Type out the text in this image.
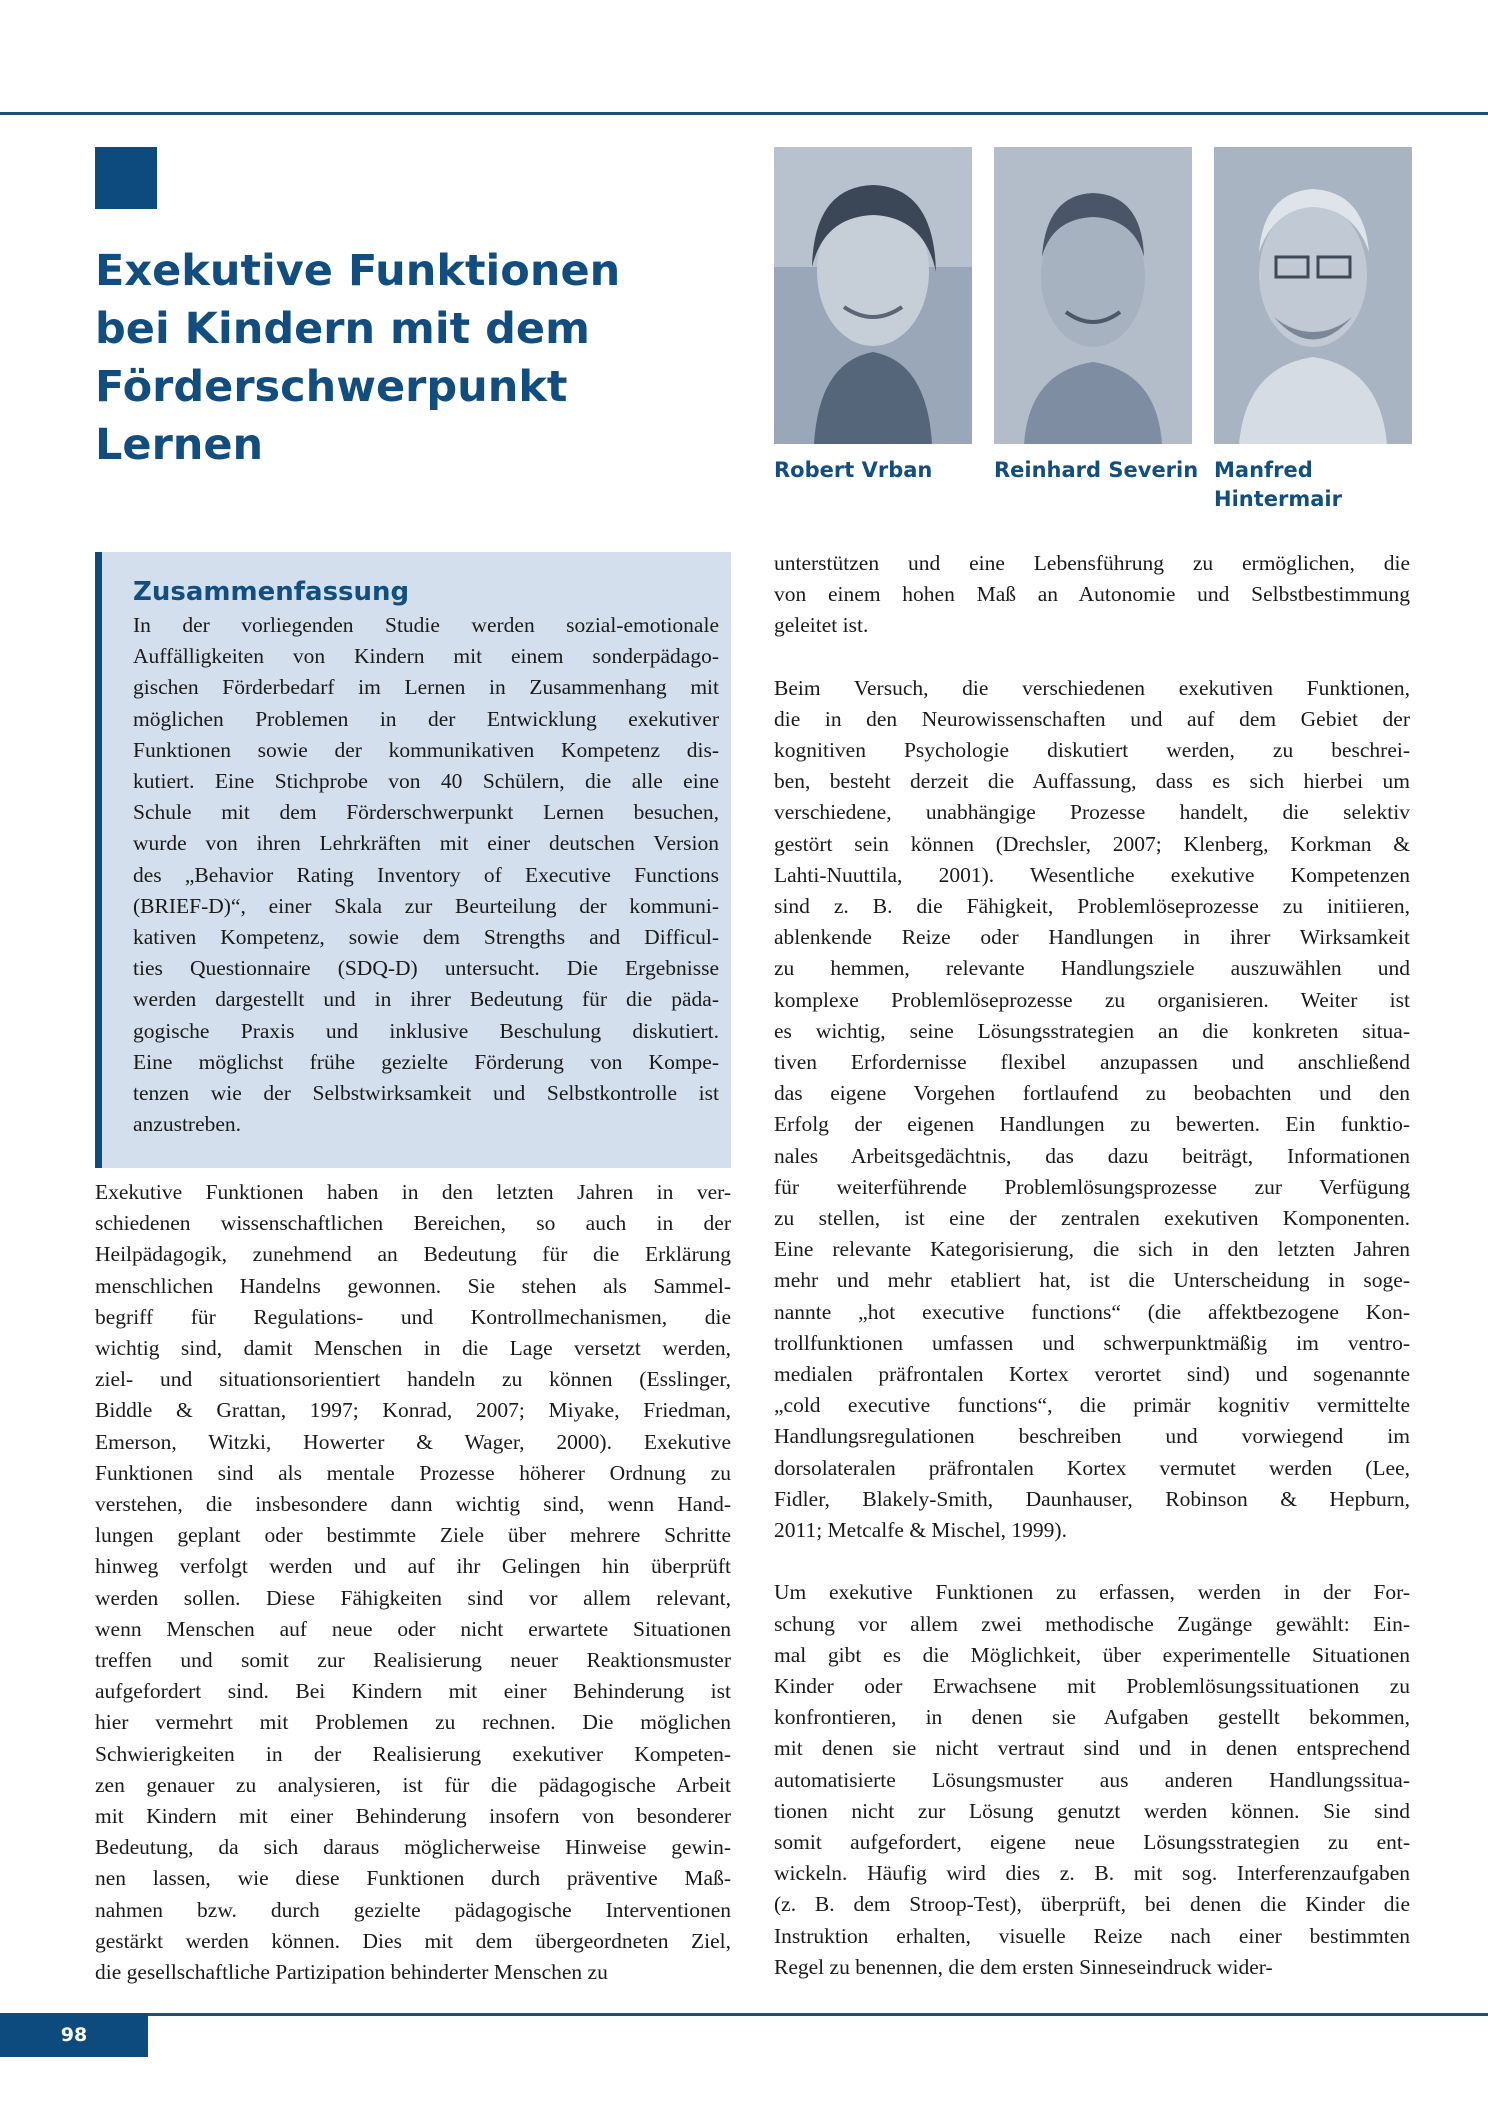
Exekutive Funktionen
bei Kindern mit dem
Förderschwerpunkt
Lernen	Robert Vrban	Reinhard Severin Manfred
Hintermair
Zusammenfassung
In der vorliegenden Studie werden sozial-emotionale
Auffälligkeiten von Kindern mit einem sonderpädago-
gischen Förderbedarf im Lernen in Zusammenhang mit
möglichen Problemen in der Entwicklung exekutiver
Funktionen sowie der kommunikativen Kompetenz dis-
kutiert. Eine Stichprobe von 40 Schülern, die alle eine
Schule mit dem Förderschwerpunkt Lernen besuchen,
wurde von ihren Lehrkräften mit einer deutschen Version
des „Behavior Rating Inventory of Executive Functions
(BRIEF-D)“, einer Skala zur Beurteilung der kommuni-
kativen Kompetenz, sowie dem Strengths and Difficul-
ties Questionnaire (SDQ-D) untersucht. Die Ergebnisse
werden dargestellt und in ihrer Bedeutung für die päda-
gogische Praxis und inklusive Beschulung diskutiert.
Eine möglichst frühe gezielte Förderung von Kompe-
tenzen wie der Selbstwirksamkeit und Selbstkontrolle ist
anzustreben.
Exekutive Funktionen haben in den letzten Jahren in ver-
schiedenen wissenschaftlichen Bereichen, so auch in der
Heilpädagogik, zunehmend an Bedeutung für die Erklärung
menschlichen Handelns gewonnen. Sie stehen als Sammel-
begriff für Regulations- und Kontrollmechanismen, die
wichtig sind, damit Menschen in die Lage versetzt werden,
ziel- und situationsorientiert handeln zu können (Esslinger,
Biddle & Grattan, 1997; Konrad, 2007; Miyake, Friedman,
Emerson, Witzki, Howerter & Wager, 2000). Exekutive
Funktionen sind als mentale Prozesse höherer Ordnung zu
verstehen, die insbesondere dann wichtig sind, wenn Hand-
lungen geplant oder bestimmte Ziele über mehrere Schritte
hinweg verfolgt werden und auf ihr Gelingen hin überprüft
werden sollen. Diese Fähigkeiten sind vor allem relevant,
wenn Menschen auf neue oder nicht erwartete Situationen
treffen und somit zur Realisierung neuer Reaktionsmuster
aufgefordert sind. Bei Kindern mit einer Behinderung ist
hier vermehrt mit Problemen zu rechnen. Die möglichen
Schwierigkeiten in der Realisierung exekutiver Kompeten-
zen genauer zu analysieren, ist für die pädagogische Arbeit
mit Kindern mit einer Behinderung insofern von besonderer
Bedeutung, da sich daraus möglicherweise Hinweise gewin-
nen lassen, wie diese Funktionen durch präventive Maß-
nahmen bzw. durch gezielte pädagogische Interventionen
gestärkt werden können. Dies mit dem übergeordneten Ziel,
die gesellschaftliche Partizipation behinderter Menschen zu
unterstützen und eine Lebensführung zu ermöglichen, die
von einem hohen Maß an Autonomie und Selbstbestimmung
geleitet ist.
Beim Versuch, die verschiedenen exekutiven Funktionen,
die in den Neurowissenschaften und auf dem Gebiet der
kognitiven Psychologie diskutiert werden, zu beschrei-
ben, besteht derzeit die Auffassung, dass es sich hierbei um
verschiedene, unabhängige Prozesse handelt, die selektiv
gestört sein können (Drechsler, 2007; Klenberg, Korkman &
Lahti-Nuuttila, 2001). Wesentliche exekutive Kompetenzen
sind z. B. die Fähigkeit, Problemlöseprozesse zu initiieren,
ablenkende Reize oder Handlungen in ihrer Wirksamkeit
zu hemmen, relevante Handlungsziele auszuwählen und
komplexe Problemlöseprozesse zu organisieren. Weiter ist
es wichtig, seine Lösungsstrategien an die konkreten situa-
tiven Erfordernisse flexibel anzupassen und anschließend
das eigene Vorgehen fortlaufend zu beobachten und den
Erfolg der eigenen Handlungen zu bewerten. Ein funktio-
nales Arbeitsgedächtnis, das dazu beiträgt, Informationen
für weiterführende Problemlösungsprozesse zur Verfügung
zu stellen, ist eine der zentralen exekutiven Komponenten.
Eine relevante Kategorisierung, die sich in den letzten Jahren
mehr und mehr etabliert hat, ist die Unterscheidung in soge-
nannte „hot executive functions“ (die affektbezogene Kon-
trollfunktionen umfassen und schwerpunktmäßig im ventro-
medialen präfrontalen Kortex verortet sind) und sogenannte
„cold executive functions“, die primär kognitiv vermittelte
Handlungsregulationen beschreiben und vorwiegend im
dorsolateralen präfrontalen Kortex vermutet werden (Lee,
Fidler, Blakely-Smith, Daunhauser, Robinson & Hepburn,
2011; Metcalfe & Mischel, 1999).
Um exekutive Funktionen zu erfassen, werden in der For-
schung vor allem zwei methodische Zugänge gewählt: Ein-
mal gibt es die Möglichkeit, über experimentelle Situationen
Kinder oder Erwachsene mit Problemlösungssituationen zu
konfrontieren, in denen sie Aufgaben gestellt bekommen,
mit denen sie nicht vertraut sind und in denen entsprechend
automatisierte Lösungsmuster aus anderen Handlungssitua-
tionen nicht zur Lösung genutzt werden können. Sie sind
somit aufgefordert, eigene neue Lösungsstrategien zu ent-
wickeln. Häufig wird dies z. B. mit sog. Interferenzaufgaben
(z. B. dem Stroop-Test), überprüft, bei denen die Kinder die
Instruktion erhalten, visuelle Reize nach einer bestimmten
Regel zu benennen, die dem ersten Sinneseindruck wider-
98
